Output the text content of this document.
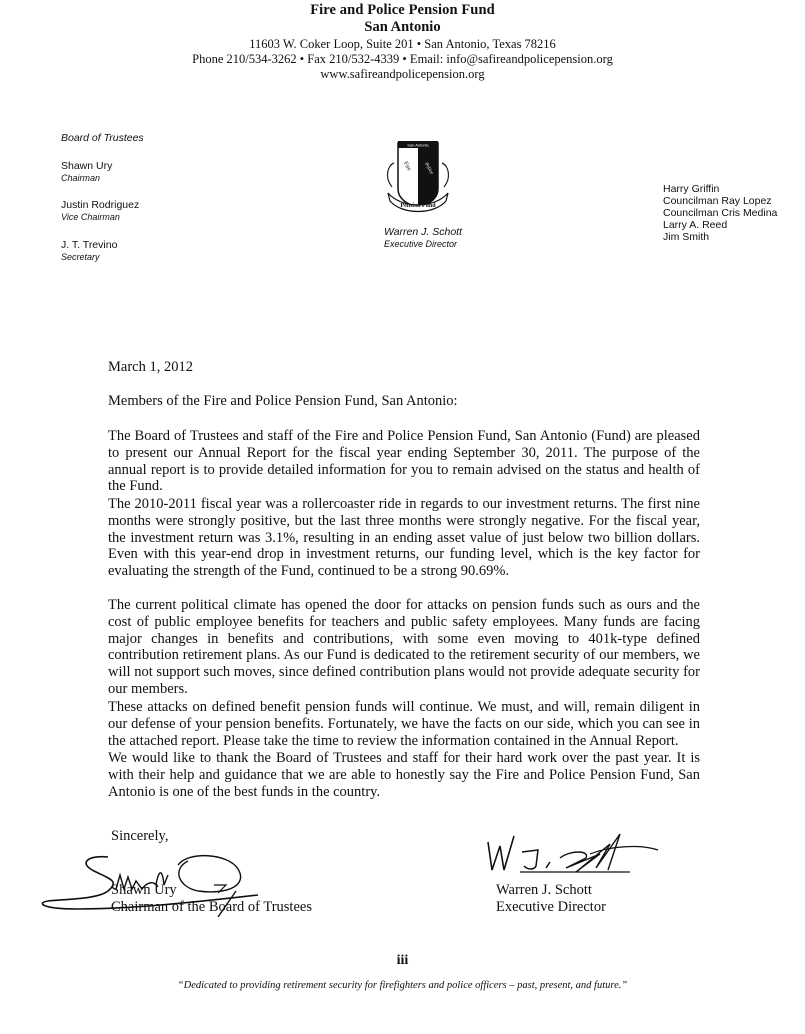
Fire and Police Pension Fund
San Antonio
11603 W. Coker Loop, Suite 201 • San Antonio, Texas 78216
Phone 210/534-3262 • Fax 210/532-4339 • Email: info@safireandpolicepension.org
www.safireandpolicepension.org
Board of Trustees
Shawn Ury
Chairman
Justin Rodriguez
Vice Chairman
J. T. Trevino
Secretary
San Antonio
Fire Police
Pension Fund
Warren J. Schott
Executive Director
Harry Griffin
Councilman Ray Lopez
Councilman Cris Medina
Larry A. Reed
Jim Smith
March 1, 2012
Members of the Fire and Police Pension Fund, San Antonio:
The Board of Trustees and staff of the Fire and Police Pension Fund, San Antonio (Fund) are pleased to present our Annual Report for the fiscal year ending September 30, 2011. The purpose of the annual report is to provide detailed information for you to remain advised on the status and health of the Fund.
The 2010-2011 fiscal year was a rollercoaster ride in regards to our investment returns. The first nine months were strongly positive, but the last three months were strongly negative. For the fiscal year, the investment return was 3.1%, resulting in an ending asset value of just below two billion dollars. Even with this year-end drop in investment returns, our funding level, which is the key factor for evaluating the strength of the Fund, continued to be a strong 90.69%.
The current political climate has opened the door for attacks on pension funds such as ours and the cost of public employee benefits for teachers and public safety employees. Many funds are facing major changes in benefits and contributions, with some even moving to 401k-type defined contribution retirement plans. As our Fund is dedicated to the retirement security of our members, we will not support such moves, since defined contribution plans would not provide adequate security for our members.
These attacks on defined benefit pension funds will continue. We must, and will, remain diligent in our defense of your pension benefits. Fortunately, we have the facts on our side, which you can see in the attached report. Please take the time to review the information contained in the Annual Report.
We would like to thank the Board of Trustees and staff for their hard work over the past year. It is with their help and guidance that we are able to honestly say the Fire and Police Pension Fund, San Antonio is one of the best funds in the country.
Sincerely,
Shawn Ury
Chairman of the Board of Trustees
Warren J. Schott
Executive Director
iii
“Dedicated to providing retirement security for firefighters and police officers – past, present, and future.”
